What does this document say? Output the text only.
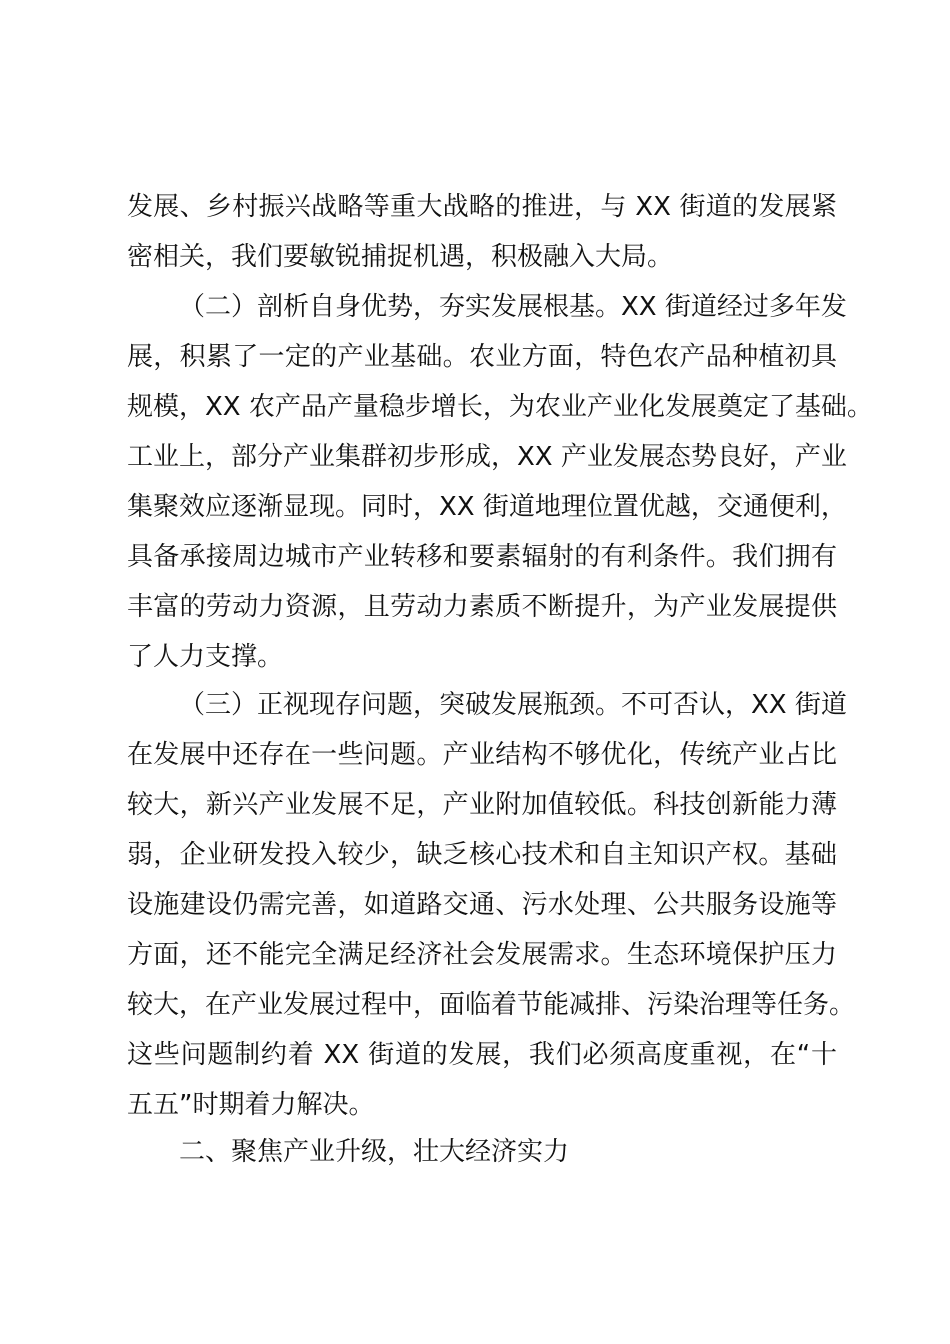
发展、乡村振兴战略等重大战略的推进，与 XX 街道的发展紧
密相关，我们要敏锐捕捉机遇，积极融入大局。
（二）剖析自身优势，夯实发展根基。XX 街道经过多年发
展，积累了一定的产业基础。农业方面，特色农产品种植初具
规模，XX 农产品产量稳步增长，为农业产业化发展奠定了基础。
工业上，部分产业集群初步形成，XX 产业发展态势良好，产业
集聚效应逐渐显现。同时，XX 街道地理位置优越，交通便利，
具备承接周边城市产业转移和要素辐射的有利条件。我们拥有
丰富的劳动力资源，且劳动力素质不断提升，为产业发展提供
了人力支撑。
（三）正视现存问题，突破发展瓶颈。不可否认，XX 街道
在发展中还存在一些问题。产业结构不够优化，传统产业占比
较大，新兴产业发展不足，产业附加值较低。科技创新能力薄
弱，企业研发投入较少，缺乏核心技术和自主知识产权。基础
设施建设仍需完善，如道路交通、污水处理、公共服务设施等
方面，还不能完全满足经济社会发展需求。生态环境保护压力
较大，在产业发展过程中，面临着节能减排、污染治理等任务。
这些问题制约着 XX 街道的发展，我们必须高度重视，在“十
五五”时期着力解决。
二、聚焦产业升级，壮大经济实力
